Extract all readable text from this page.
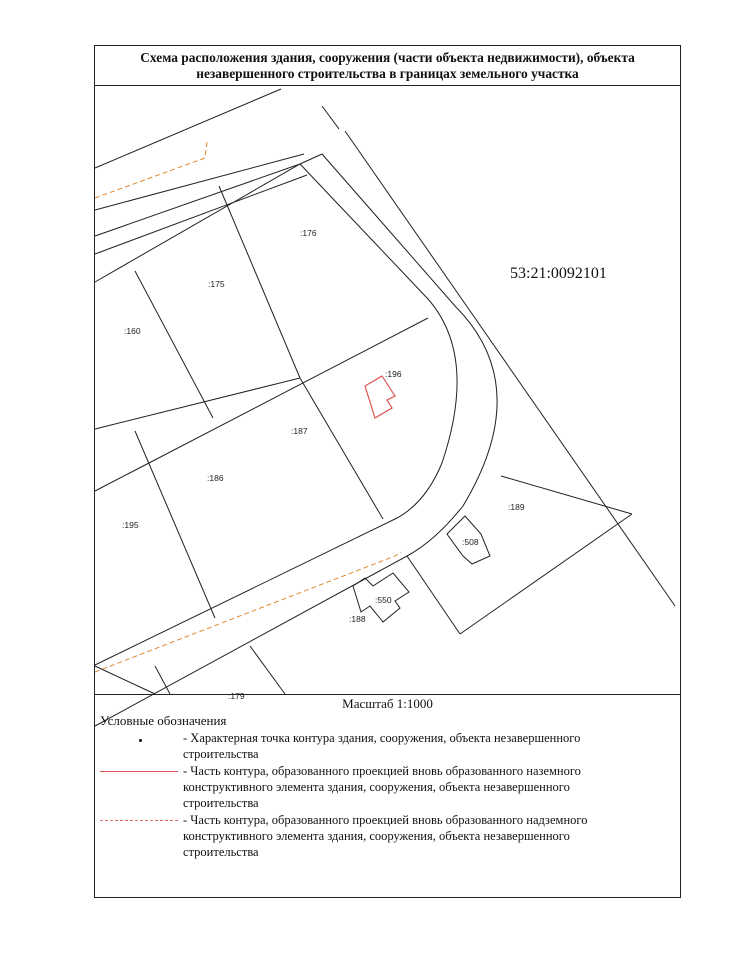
Схема расположения здания, сооружения (части объекта недвижимости), объекта
незавершенного строительства в границах земельного участка
:160
:175
:176
:196
:187
:186
:195
:189
:508
:550
:188
:179
53:21:0092101
Масштаб 1:1000
Условные обозначения
- Характерная точка контура здания, сооружения, объекта незавершенного строительства
- Часть контура, образованного проекцией вновь образованного наземного конструктивного элемента здания, сооружения, объекта незавершенного строительства
- Часть контура, образованного проекцией вновь образованного надземного конструктивного элемента здания, сооружения, объекта незавершенного строительства
